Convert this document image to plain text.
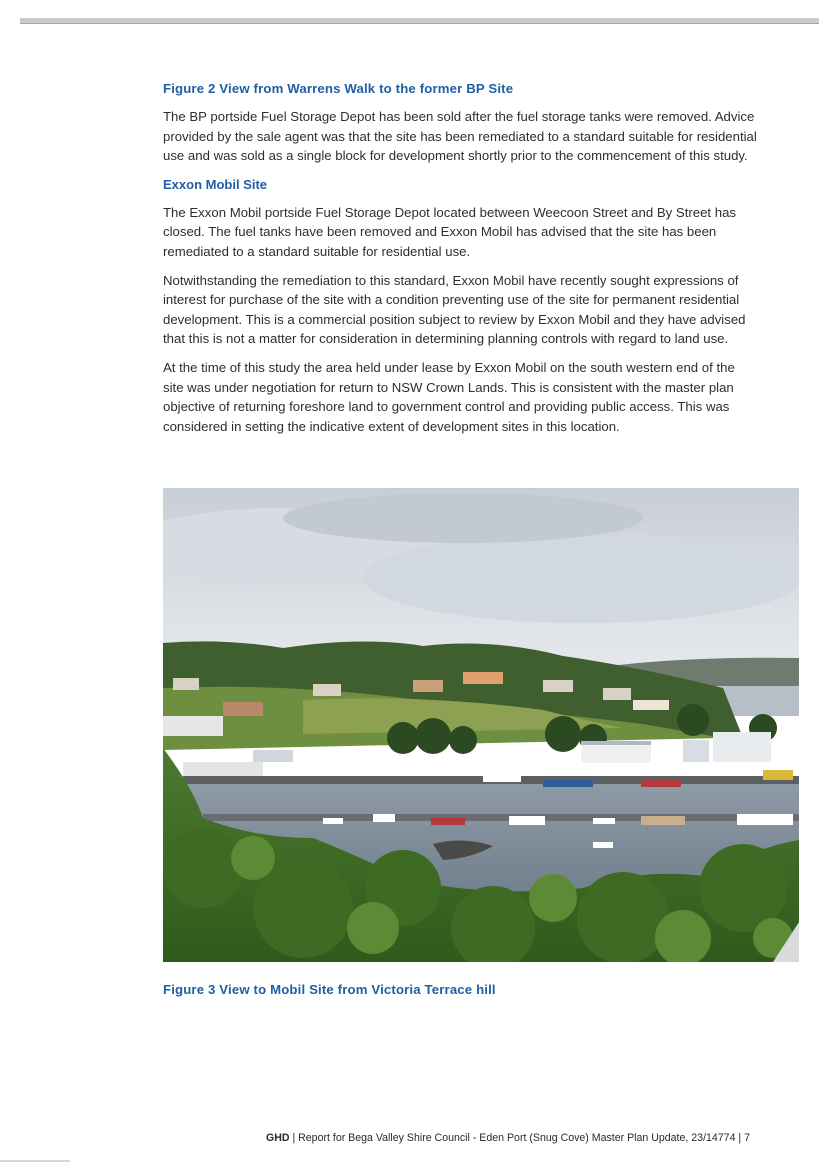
Figure 2 View from Warrens Walk to the former BP Site

The BP portside Fuel Storage Depot has been sold after the fuel storage tanks were removed. Advice provided by the sale agent was that the site has been remediated to a standard suitable for residential use and was sold as a single block for development shortly prior to the commencement of this study.

Exxon Mobil Site

The Exxon Mobil portside Fuel Storage Depot located between Weecoon Street and By Street has closed. The fuel tanks have been removed and Exxon Mobil has advised that the site has been remediated to a standard suitable for residential use.

Notwithstanding the remediation to this standard, Exxon Mobil have recently sought expressions of interest for purchase of the site with a condition preventing use of the site for permanent residential development. This is a commercial position subject to review by Exxon Mobil and they have advised that this is not a matter for consideration in determining planning controls with regard to land use.

At the time of this study the area held under lease by Exxon Mobil on the south western end of the site was under negotiation for return to NSW Crown Lands. This is consistent with the master plan objective of returning foreshore land to government control and providing public access. This was considered in setting the indicative extent of development sites in this location.

Figure 3 View to Mobil Site from Victoria Terrace hill

GHD | Report for Bega Valley Shire Council - Eden Port (Snug Cove) Master Plan Update, 23/14774 | 7
